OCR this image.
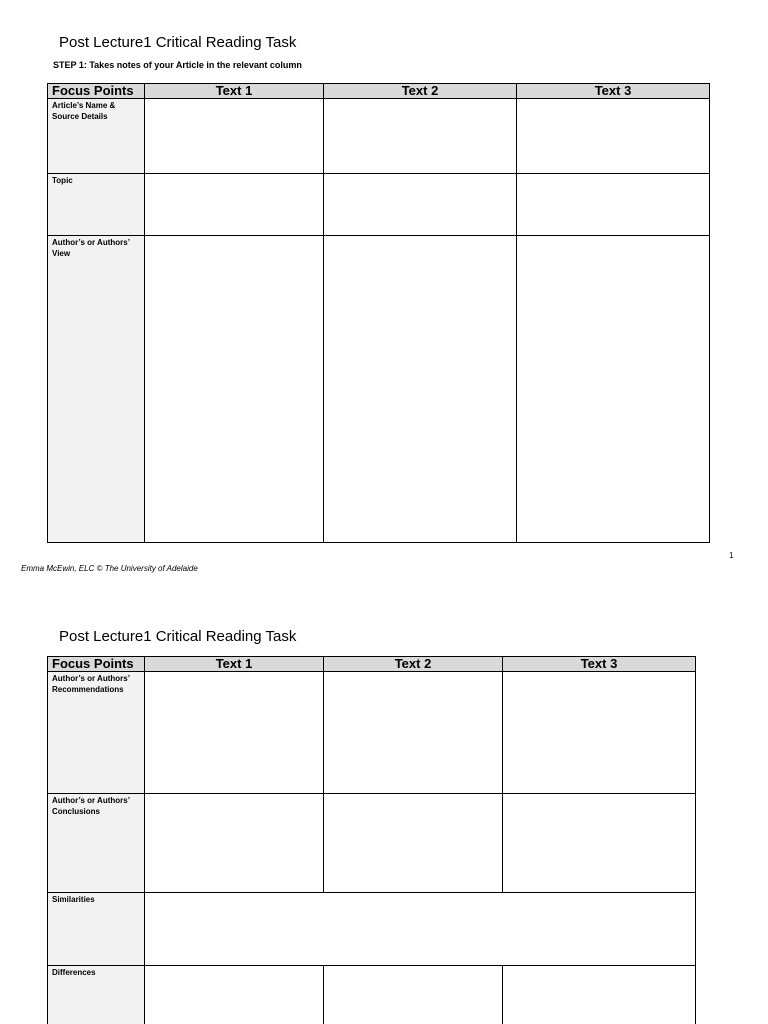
Post Lecture1 Critical Reading Task
STEP 1: Takes notes of your Article in the relevant column
Focus Points	Text 1	Text 2	Text 3
Article’s Name & Source Details			
Topic			
Author’s or Authors’ View			
1
Emma McEwin, ELC © The University of Adelaide
Post Lecture1 Critical Reading Task
Focus Points	Text 1	Text 2	Text 3
Author’s or Authors’ Recommendations			
Author’s or Authors’ Conclusions			
Similarities			
Differences			
